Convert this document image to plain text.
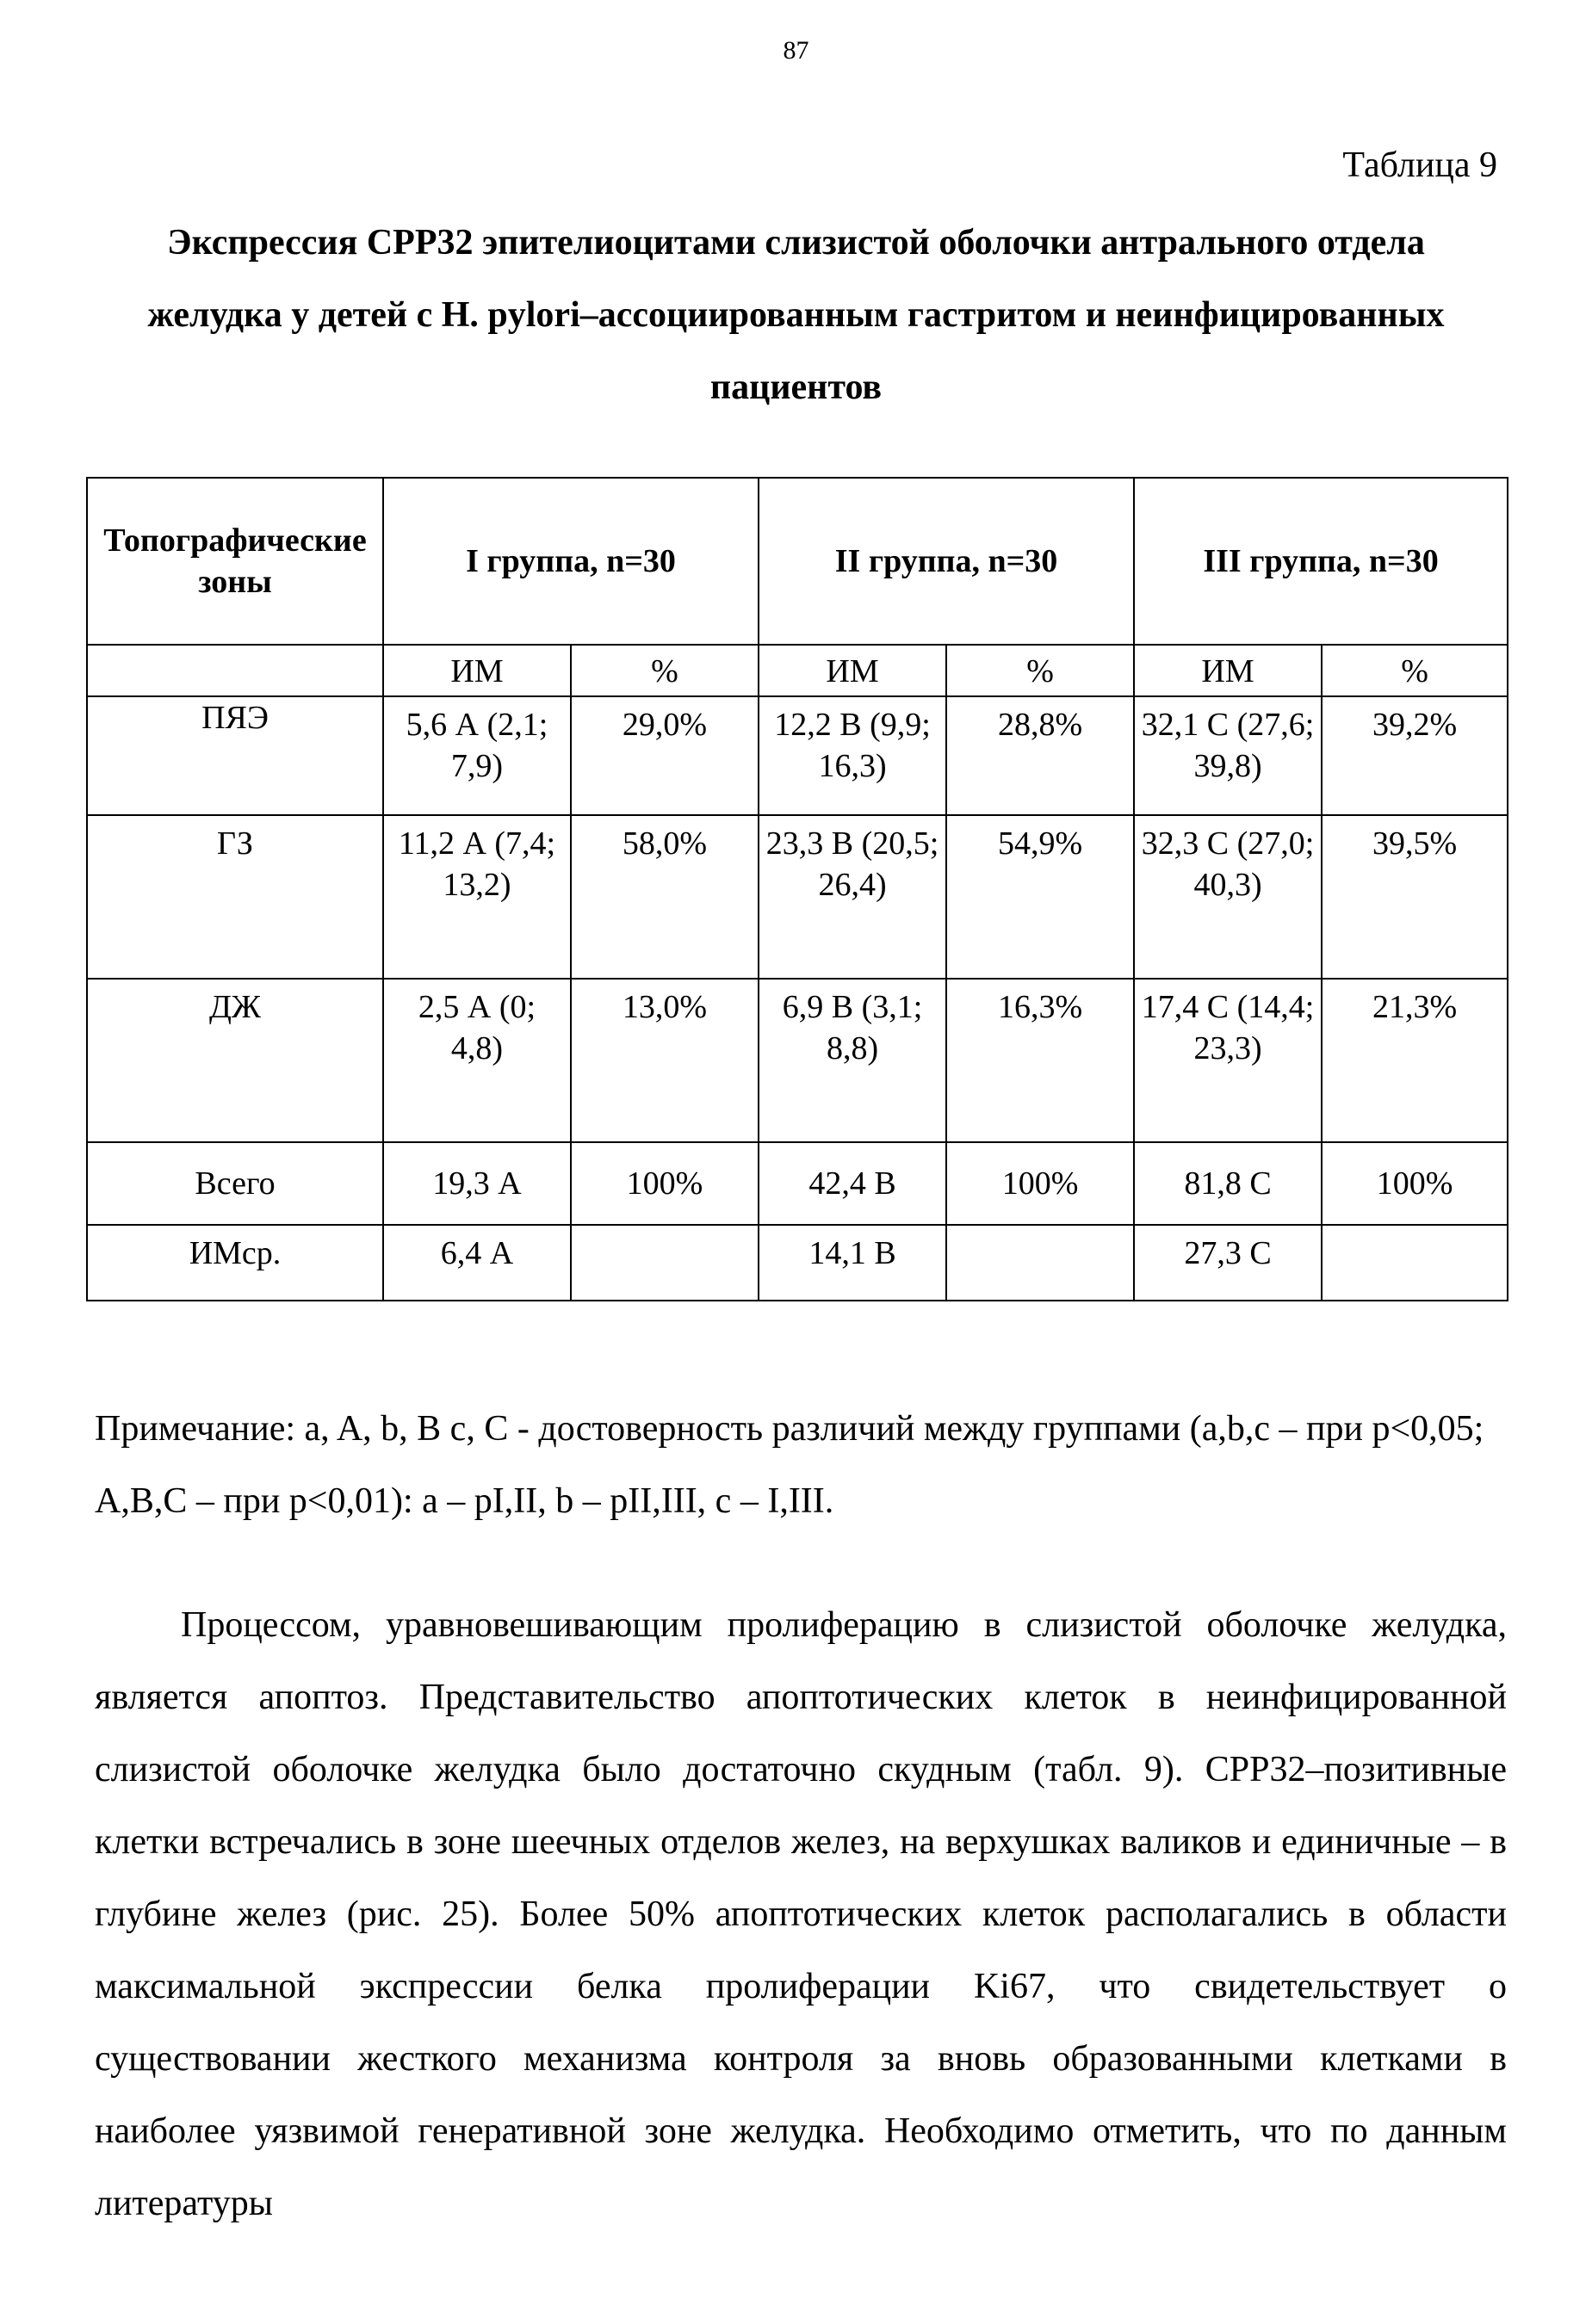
87
Таблица 9
Экспрессия СРР32 эпителиоцитами слизистой оболочки антрального отдела желудка у детей с H. pylori–ассоциированным гастритом и неинфицированных пациентов
Топографические зоны	I группа, n=30		II группа, n=30		III группа, n=30	
	ИМ	%	ИМ	%	ИМ	%
ПЯЭ	5,6 А (2,1; 7,9)	29,0%	12,2 В (9,9; 16,3)	28,8%	32,1 С (27,6; 39,8)	39,2%
ГЗ	11,2 А (7,4; 13,2)	58,0%	23,3 В (20,5; 26,4)	54,9%	32,3 С (27,0; 40,3)	39,5%
ДЖ	2,5 А (0; 4,8)	13,0%	6,9 В (3,1; 8,8)	16,3%	17,4 С (14,4; 23,3)	21,3%
Всего	19,3 А	100%	42,4 В	100%	81,8 С	100%
ИМср.	6,4 А		14,1 В		27,3 С	
Примечание: a, A, b, B c, C - достоверность различий между группами (a,b,c – при p<0,05; A,B,C – при p<0,01): a – pI,II, b – pII,III, c – I,III.

Процессом, уравновешивающим пролиферацию в слизистой оболочке желудка, является апоптоз. Представительство апоптотических клеток в неинфицированной слизистой оболочке желудка было достаточно скудным (табл. 9). СРР32–позитивные клетки встречались в зоне шеечных отделов желез, на верхушках валиков и единичные – в глубине желез (рис. 25). Более 50% апоптотических клеток располагались в области максимальной экспрессии белка пролиферации Ki67, что свидетельствует о существовании жесткого механизма контроля за вновь образованными клетками в наиболее уязвимой генеративной зоне желудка. Необходимо отметить, что по данным литературы
